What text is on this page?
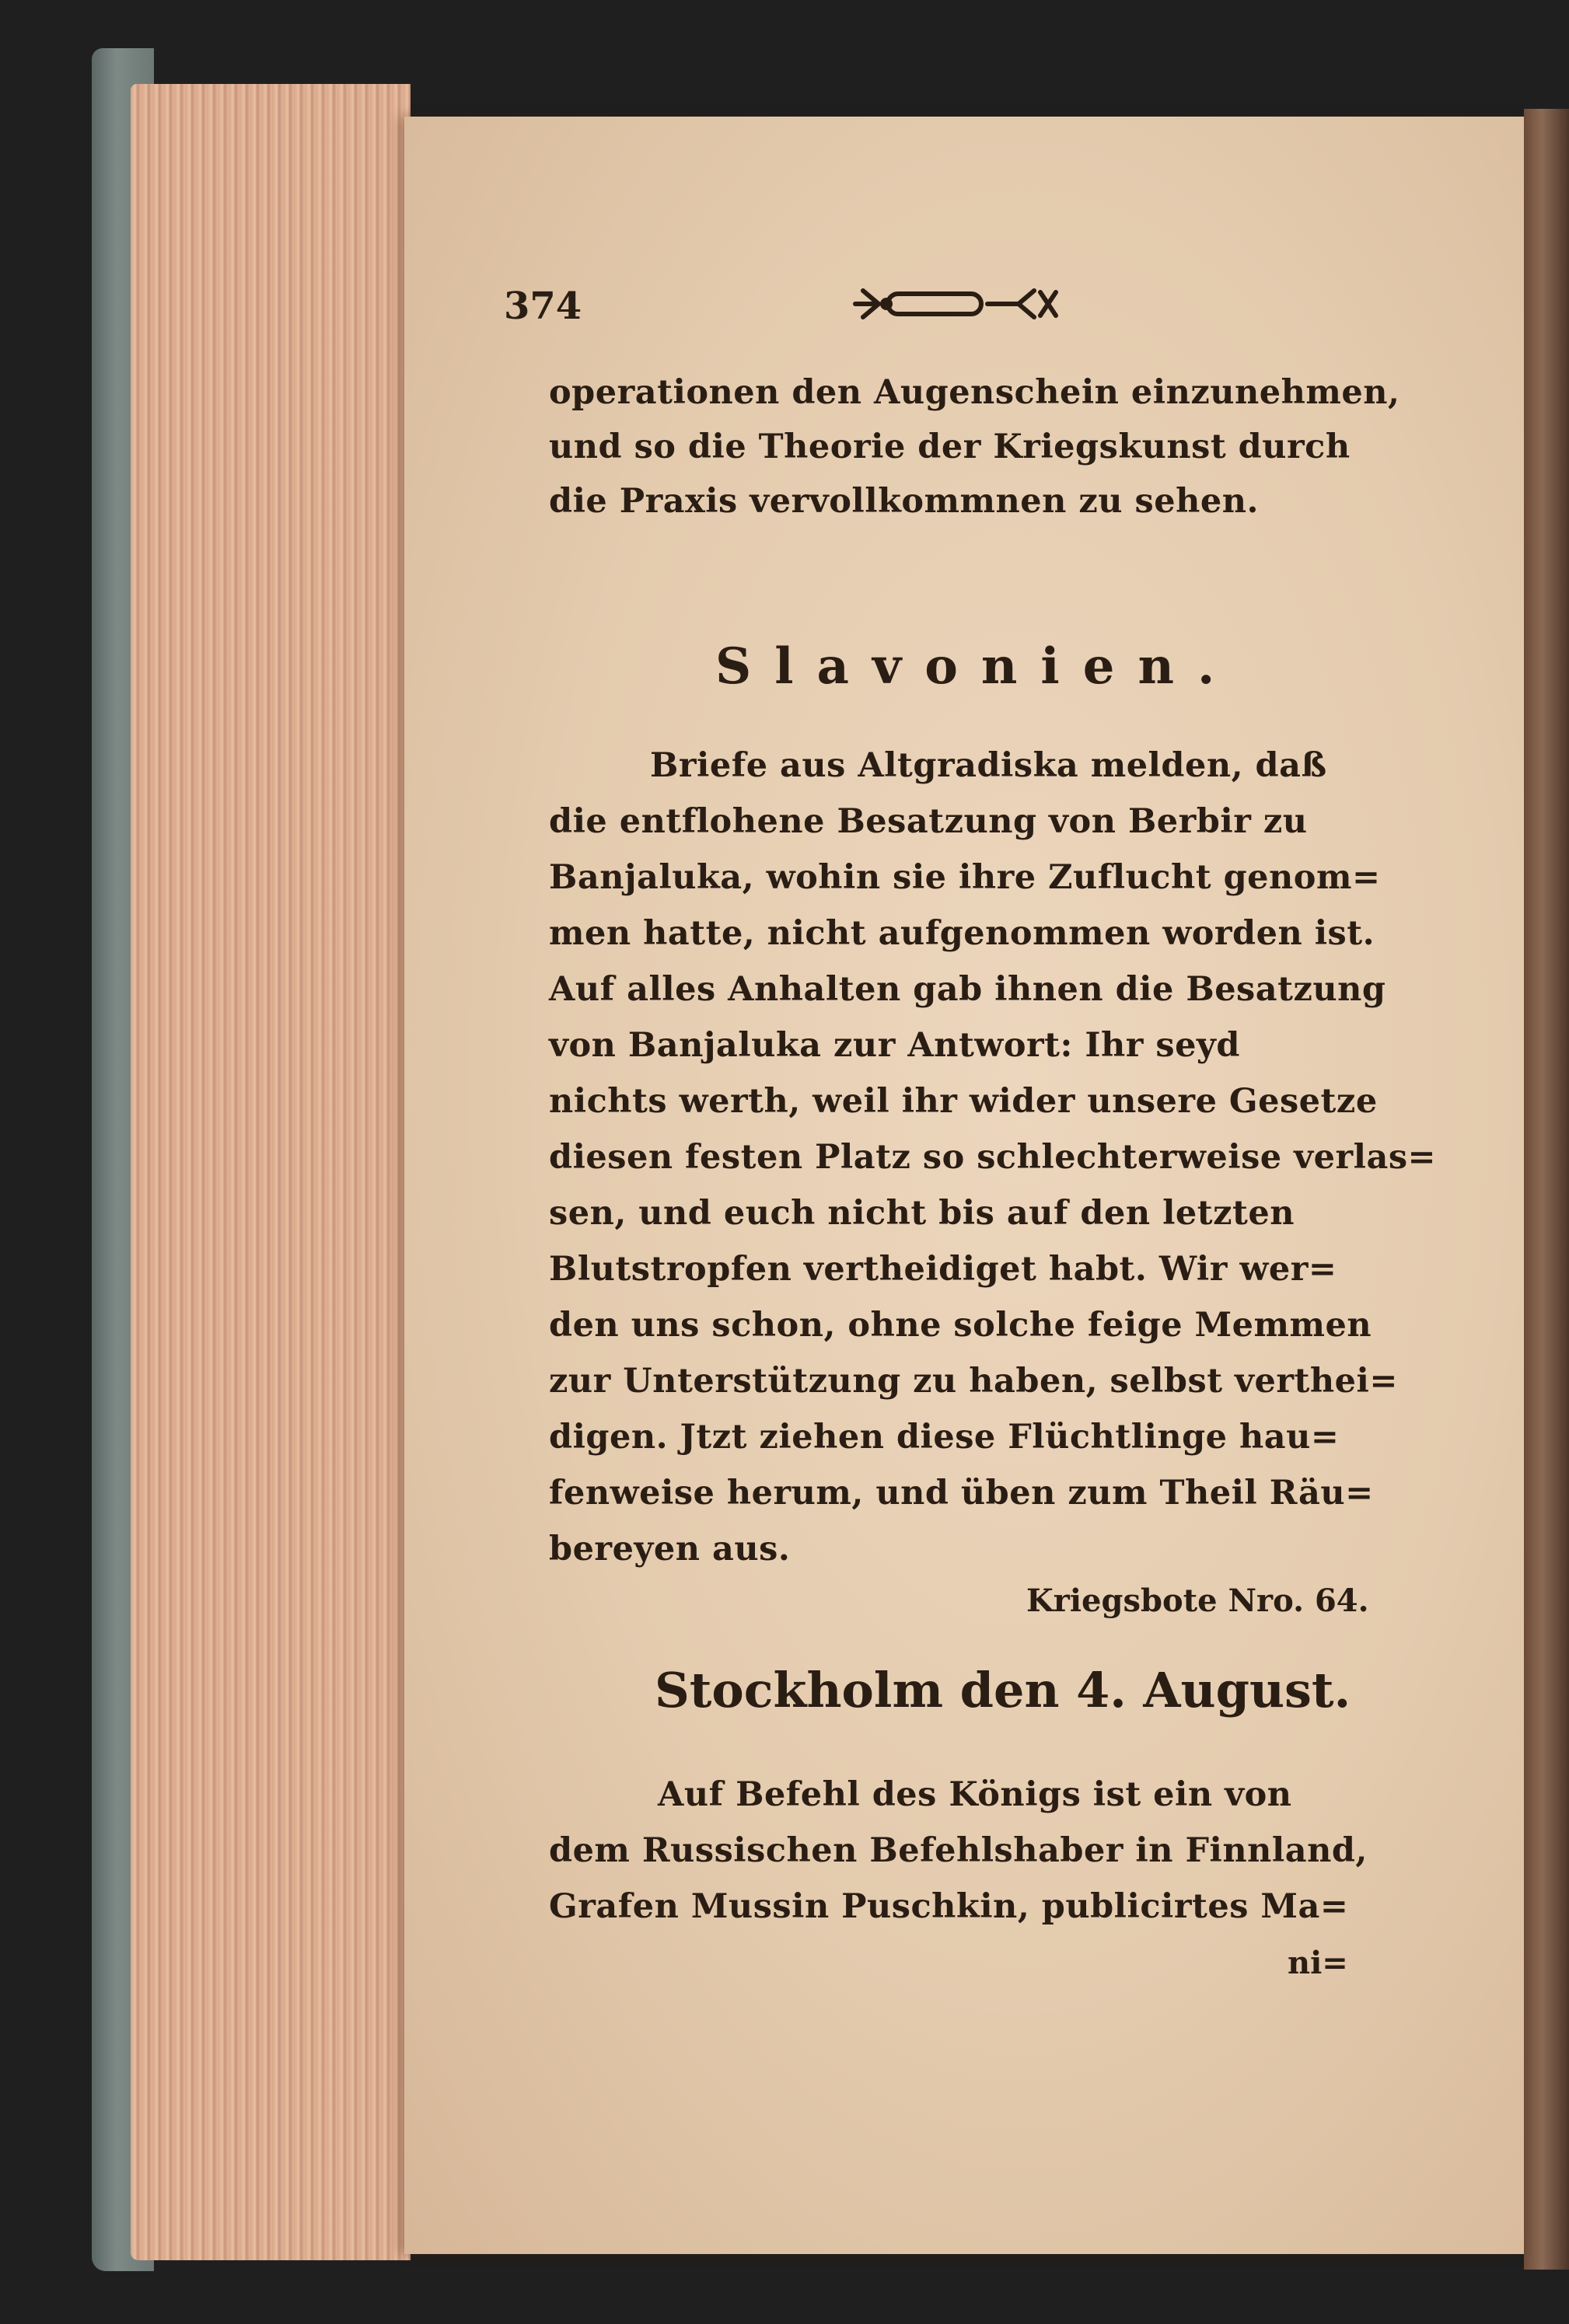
374
operationen den Augenschein einzunehmen,
und so die Theorie der Kriegskunst durch
die Praxis vervollkommnen zu sehen.
Slavonien.
Briefe aus Altgradiska melden, daß
die entflohene Besatzung von Berbir zu
Banjaluka, wohin sie ihre Zuflucht genom=
men hatte, nicht aufgenommen worden ist.
Auf alles Anhalten gab ihnen die Besatzung
von Banjaluka zur Antwort: Ihr seyd
nichts werth, weil ihr wider unsere Gesetze
diesen festen Platz so schlechterweise verlas=
sen, und euch nicht bis auf den letzten
Blutstropfen vertheidiget habt. Wir wer=
den uns schon, ohne solche feige Memmen
zur Unterstützung zu haben, selbst verthei=
digen. Jtzt ziehen diese Flüchtlinge hau=
fenweise herum, und üben zum Theil Räu=
bereyen aus.
Kriegsbote Nro. 64.
Stockholm den 4. August.
Auf Befehl des Königs ist ein von
dem Russischen Befehlshaber in Finnland,
Grafen Mussin Puschkin, publicirtes Ma=
ni=
